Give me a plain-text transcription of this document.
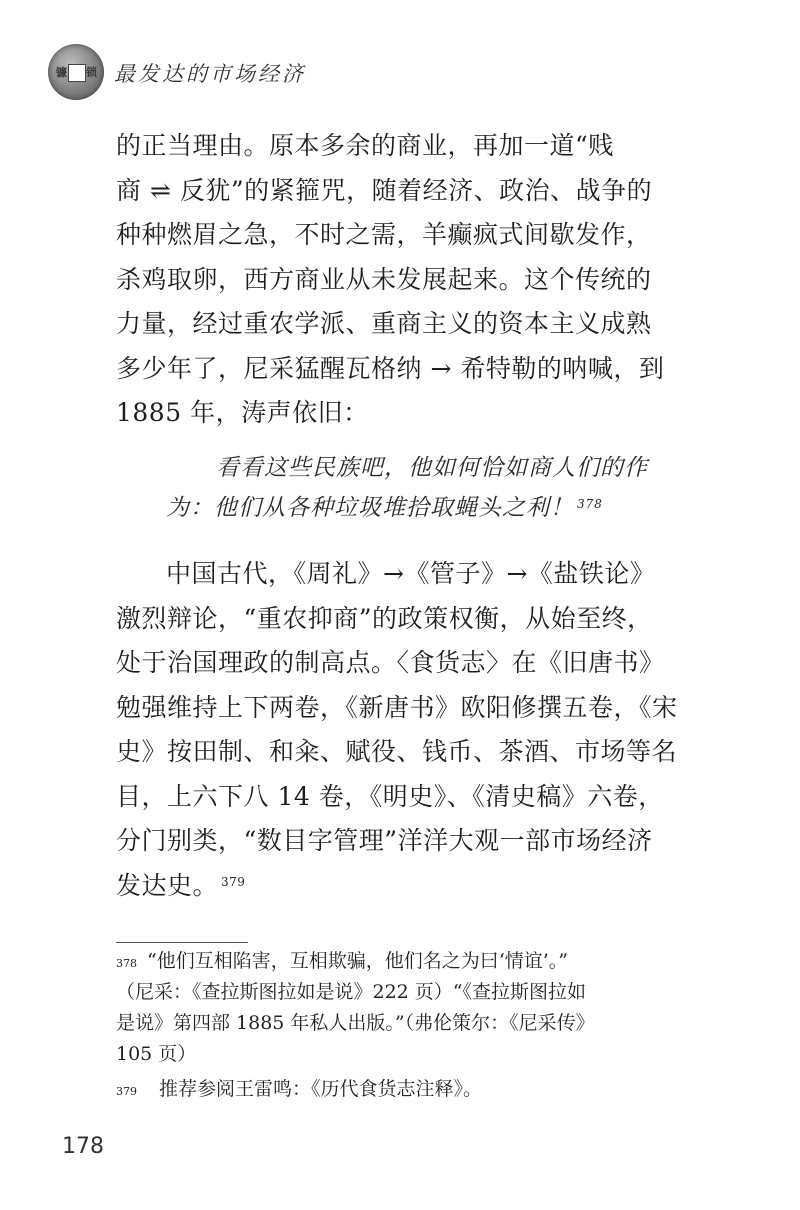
镰 锁 最发达的市场经济
的正当理由。原本多余的商业，再加一道“贱
商 ⇌ 反犹”的紧箍咒，随着经济、政治、战争的
种种燃眉之急，不时之需，羊癫疯式间歇发作，
杀鸡取卵，西方商业从未发展起来。这个传统的
力量，经过重农学派、重商主义的资本主义成熟
多少年了，尼采猛醒瓦格纳 → 希特勒的呐喊，到
1885 年，涛声依旧：
看看这些民族吧，他如何恰如商人们的作
为：他们从各种垃圾堆拾取蝇头之利！ $^{378}$
中国古代，《周礼》→《管子》→《盐铁论》
激烈辩论，“重农抑商”的政策权衡，从始至终，
处于治国理政的制高点。〈食货志〉在《旧唐书》
勉强维持上下两卷，《新唐书》欧阳修撰五卷，《宋
史》按田制、和籴、赋役、钱币、茶酒、市场等名
目，上六下八 14 卷，《明史》、《清史稿》六卷，
分门别类，“数目字管理”洋洋大观一部市场经济
发达史。 $^{379}$
$^{378}$ “他们互相陷害，互相欺骗，他们名之为曰‘情谊’。”
（尼采：《查拉斯图拉如是说》222 页）“《查拉斯图拉如
是说》第四部 1885 年私人出版。”（弗伦策尔：《尼采传》
105 页）
$^{379}$ 推荐参阅王雷鸣：《历代食货志注释》。
178
